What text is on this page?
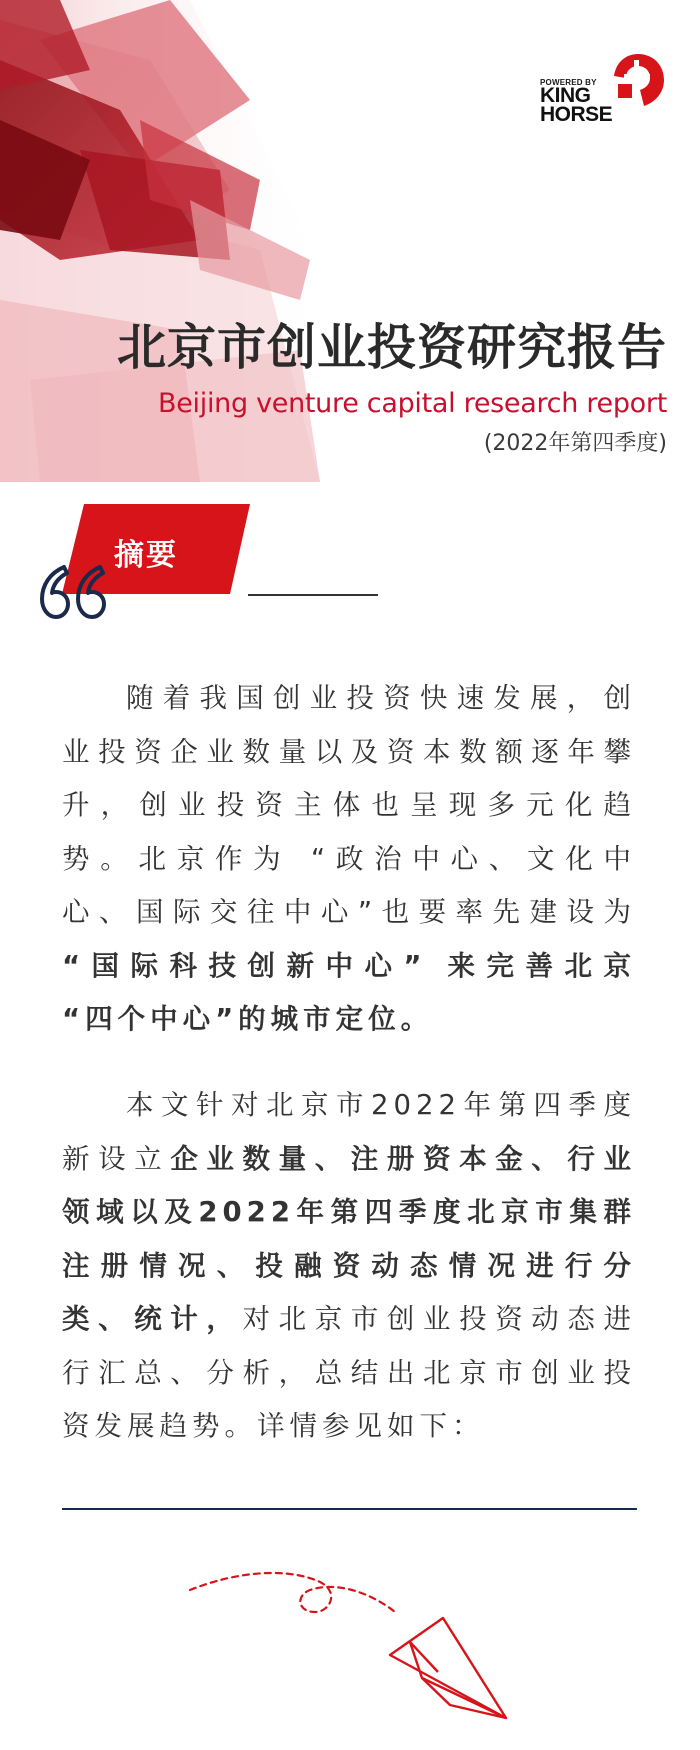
POWERED BY
KING
HORSE
北京市创业投资研究报告
Beijing venture capital research report
(2022年第四季度)
摘要
随着我国创业投资快速发展，创
业投资企业数量以及资本数额逐年攀
升，创业投资主体也呈现多元化趋
势。北京作为 “政治中心、文化中
心、国际交往中心”也要率先建设为
“国际科技创新中心” 来完善北京
“四个中心”的城市定位。
本文针对北京市2022年第四季度
新设立企业数量、注册资本金、行业
领域以及2022年第四季度北京市集群
注册情况、投融资动态情况进行分
类、统计，对北京市创业投资动态进
行汇总、分析，总结出北京市创业投
资发展趋势。详情参见如下：
